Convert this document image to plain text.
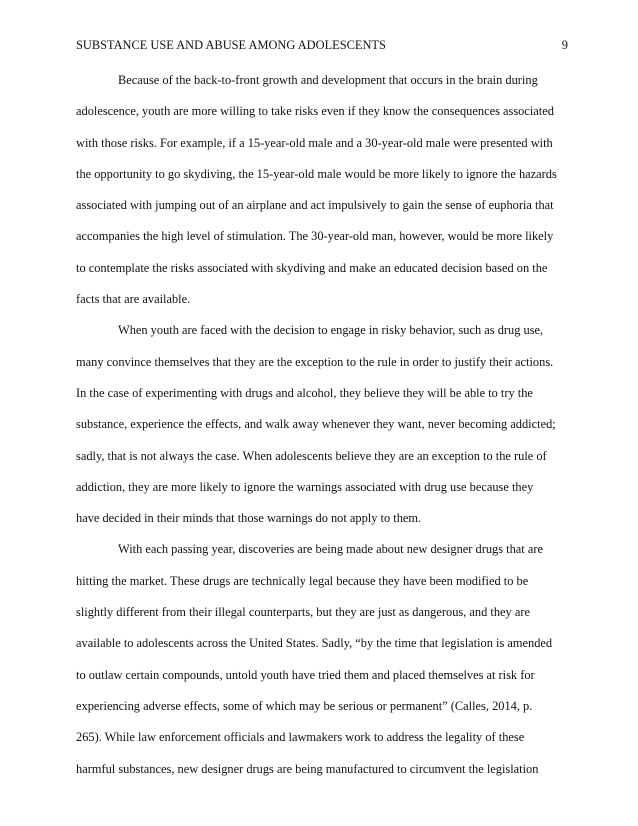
SUBSTANCE USE AND ABUSE AMONG ADOLESCENTS	9
Because of the back-to-front growth and development that occurs in the brain during
adolescence, youth are more willing to take risks even if they know the consequences associated
with those risks. For example, if a 15-year-old male and a 30-year-old male were presented with
the opportunity to go skydiving, the 15-year-old male would be more likely to ignore the hazards
associated with jumping out of an airplane and act impulsively to gain the sense of euphoria that
accompanies the high level of stimulation. The 30-year-old man, however, would be more likely
to contemplate the risks associated with skydiving and make an educated decision based on the
facts that are available.
When youth are faced with the decision to engage in risky behavior, such as drug use,
many convince themselves that they are the exception to the rule in order to justify their actions.
In the case of experimenting with drugs and alcohol, they believe they will be able to try the
substance, experience the effects, and walk away whenever they want, never becoming addicted;
sadly, that is not always the case. When adolescents believe they are an exception to the rule of
addiction, they are more likely to ignore the warnings associated with drug use because they
have decided in their minds that those warnings do not apply to them.
With each passing year, discoveries are being made about new designer drugs that are
hitting the market. These drugs are technically legal because they have been modified to be
slightly different from their illegal counterparts, but they are just as dangerous, and they are
available to adolescents across the United States. Sadly, “by the time that legislation is amended
to outlaw certain compounds, untold youth have tried them and placed themselves at risk for
experiencing adverse effects, some of which may be serious or permanent” (Calles, 2014, p.
265). While law enforcement officials and lawmakers work to address the legality of these
harmful substances, new designer drugs are being manufactured to circumvent the legislation
